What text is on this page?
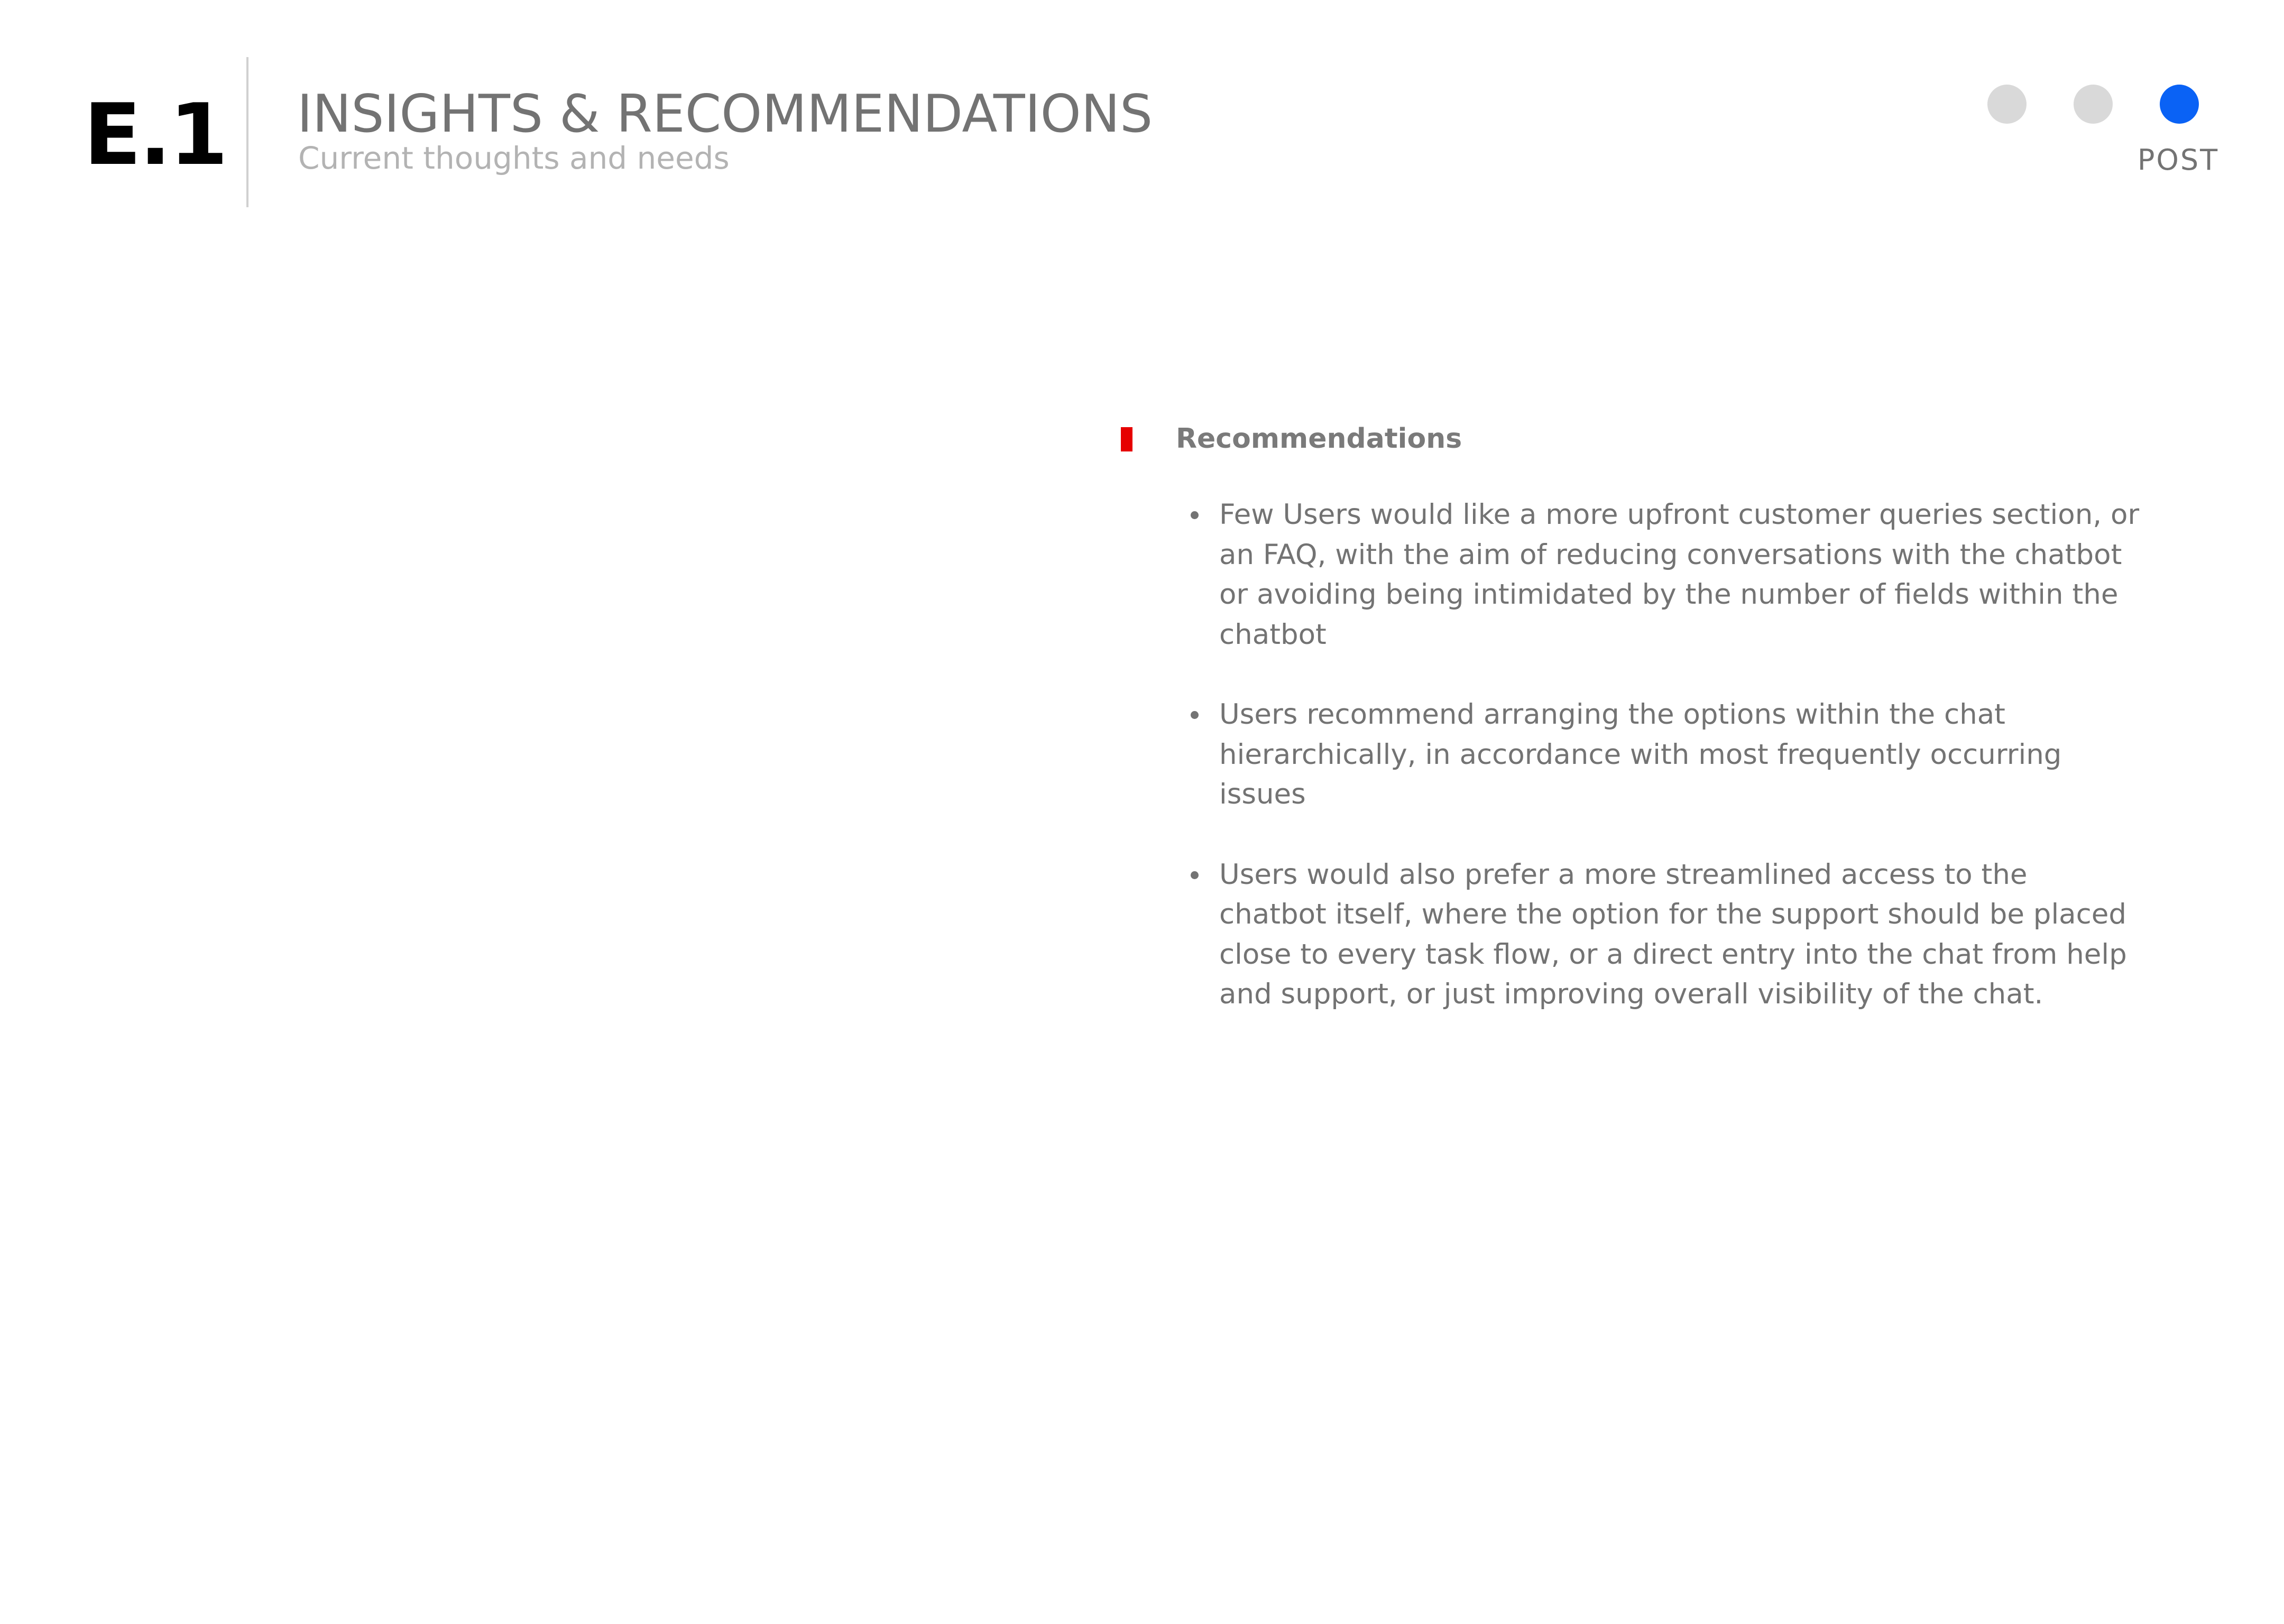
E.1 INSIGHTS & RECOMMENDATIONS
Current thoughts and needs	POST
Recommendations
Few Users would like a more upfront customer queries section, or an FAQ, with the aim of reducing conversations with the chatbot or avoiding being intimidated by the number of fields within the chatbot
Users recommend arranging the options within the chat hierarchically, in accordance with most frequently occurring issues
Users would also prefer a more streamlined access to the chatbot itself, where the option for the support should be placed close to every task flow, or a direct entry into the chat from help and support, or just improving overall visibility of the chat.
